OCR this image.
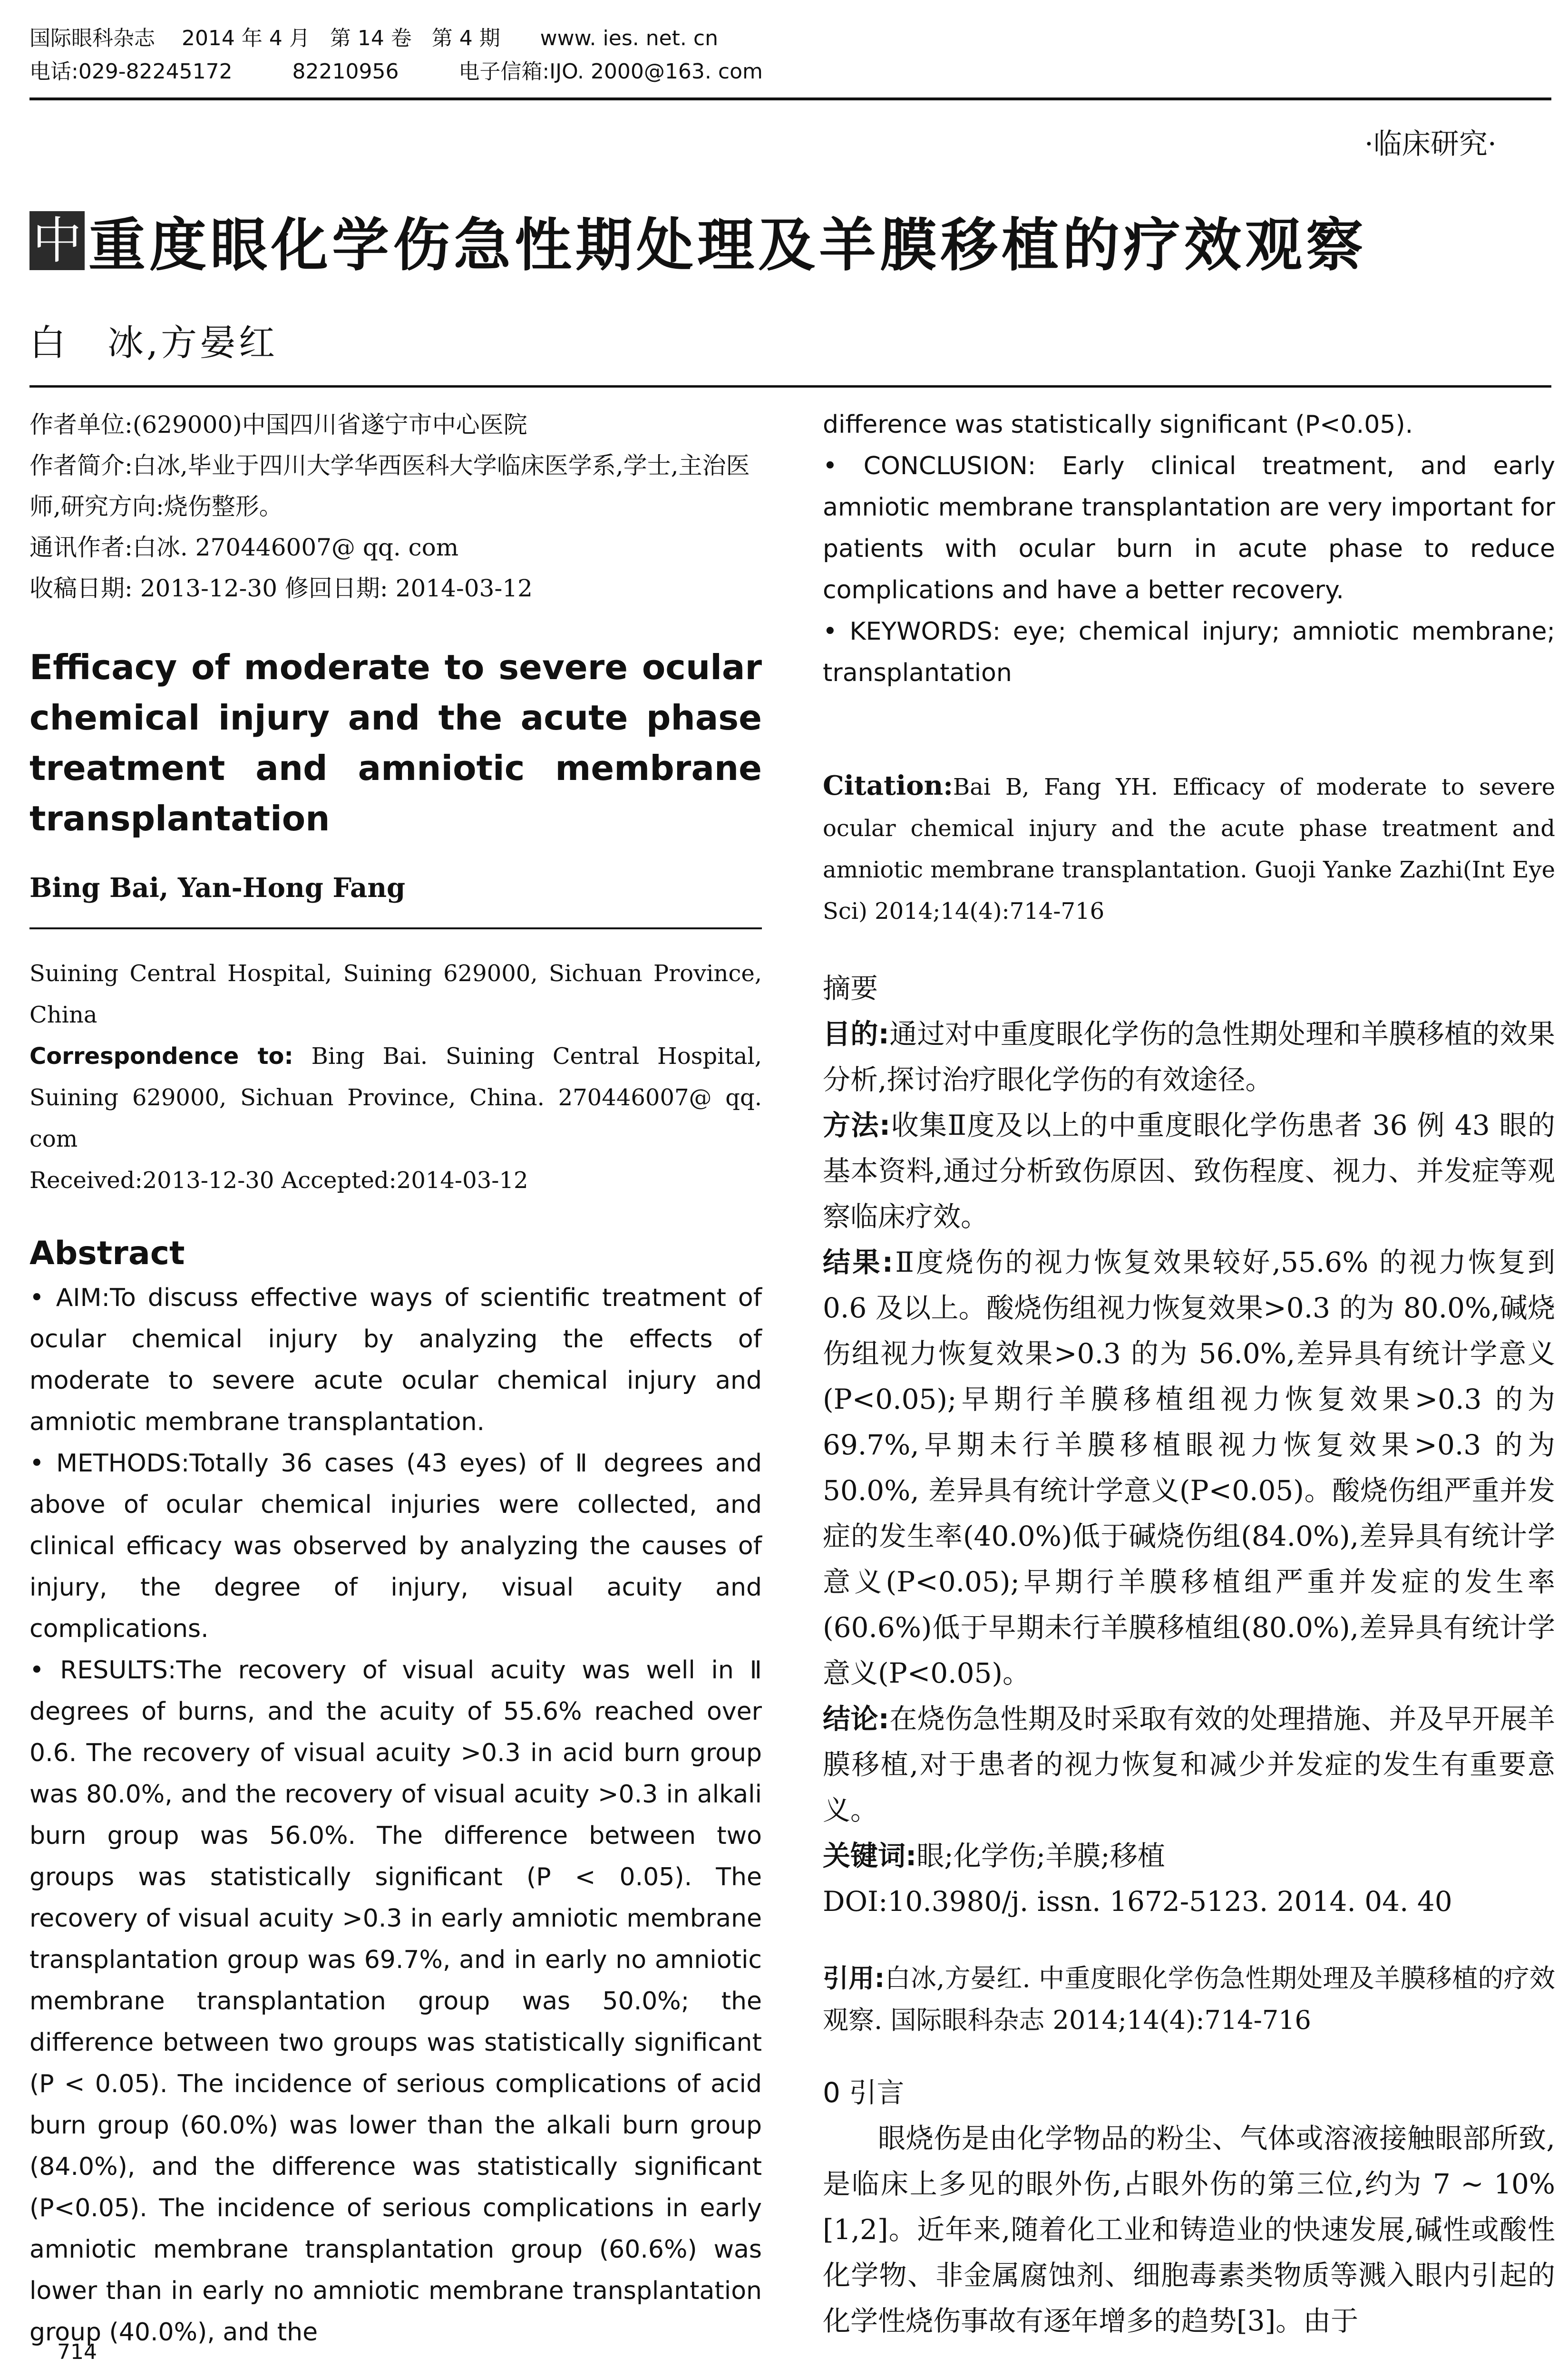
国际眼科杂志    2014 年 4 月   第 14 卷   第 4 期      www. ies. net. cn
电话:029-82245172         82210956         电子信箱:IJO. 2000@163. com
·临床研究·
中 重度眼化学伤急性期处理及羊膜移植的疗效观察
白　冰,方晏红
作者单位:(629000)中国四川省遂宁市中心医院
作者简介:白冰,毕业于四川大学华西医科大学临床医学系,学士,主治医师,研究方向:烧伤整形。
通讯作者:白冰. 270446007@ qq. com
收稿日期: 2013-12-30 修回日期: 2014-03-12
Efficacy of moderate to severe ocular chemical injury and the acute phase treatment and amniotic membrane transplantation
Bing Bai, Yan-Hong Fang
Suining Central Hospital, Suining 629000, Sichuan Province, China
Correspondence to: Bing Bai. Suining Central Hospital, Suining 629000, Sichuan Province, China. 270446007@ qq. com
Received:2013-12-30 Accepted:2014-03-12
Abstract
• AIM:To discuss effective ways of scientific treatment of ocular chemical injury by analyzing the effects of moderate to severe acute ocular chemical injury and amniotic membrane transplantation.
• METHODS:Totally 36 cases (43 eyes) of Ⅱ degrees and above of ocular chemical injuries were collected, and clinical efficacy was observed by analyzing the causes of injury, the degree of injury, visual acuity and complications.
• RESULTS:The recovery of visual acuity was well in Ⅱ degrees of burns, and the acuity of 55.6% reached over 0.6. The recovery of visual acuity >0.3 in acid burn group was 80.0%, and the recovery of visual acuity >0.3 in alkali burn group was 56.0%. The difference between two groups was statistically significant (P < 0.05). The recovery of visual acuity >0.3 in early amniotic membrane transplantation group was 69.7%, and in early no amniotic membrane transplantation group was 50.0%; the difference between two groups was statistically significant (P < 0.05). The incidence of serious complications of acid burn group (60.0%) was lower than the alkali burn group (84.0%), and the difference was statistically significant (P<0.05). The incidence of serious complications in early amniotic membrane transplantation group (60.6%) was lower than in early no amniotic membrane transplantation group (40.0%), and the
difference was statistically significant (P<0.05).
• CONCLUSION: Early clinical treatment, and early amniotic membrane transplantation are very important for patients with ocular burn in acute phase to reduce complications and have a better recovery.
• KEYWORDS: eye; chemical injury; amniotic membrane; transplantation
Citation:Bai B, Fang YH. Efficacy of moderate to severe ocular chemical injury and the acute phase treatment and amniotic membrane transplantation. Guoji Yanke Zazhi(Int Eye Sci) 2014;14(4):714-716
摘要
目的:通过对中重度眼化学伤的急性期处理和羊膜移植的效果分析,探讨治疗眼化学伤的有效途径。
方法:收集Ⅱ度及以上的中重度眼化学伤患者 36 例 43 眼的基本资料,通过分析致伤原因、致伤程度、视力、并发症等观察临床疗效。
结果:Ⅱ度烧伤的视力恢复效果较好,55.6% 的视力恢复到 0.6 及以上。酸烧伤组视力恢复效果>0.3 的为 80.0%,碱烧伤组视力恢复效果>0.3 的为 56.0%,差异具有统计学意义(P<0.05);早期行羊膜移植组视力恢复效果>0.3 的为 69.7%,早期未行羊膜移植眼视力恢复效果>0.3 的为 50.0%, 差异具有统计学意义(P<0.05)。酸烧伤组严重并发症的发生率(40.0%)低于碱烧伤组(84.0%),差异具有统计学意义(P<0.05);早期行羊膜移植组严重并发症的发生率(60.6%)低于早期未行羊膜移植组(80.0%),差异具有统计学意义(P<0.05)。
结论:在烧伤急性期及时采取有效的处理措施、并及早开展羊膜移植,对于患者的视力恢复和减少并发症的发生有重要意义。
关键词:眼;化学伤;羊膜;移植
DOI:10.3980/j. issn. 1672-5123. 2014. 04. 40
引用:白冰,方晏红. 中重度眼化学伤急性期处理及羊膜移植的疗效观察. 国际眼科杂志 2014;14(4):714-716
0 引言
眼烧伤是由化学物品的粉尘、气体或溶液接触眼部所致,是临床上多见的眼外伤,占眼外伤的第三位,约为 7 ~ 10%[1,2]。近年来,随着化工业和铸造业的快速发展,碱性或酸性化学物、非金属腐蚀剂、细胞毒素类物质等溅入眼内引起的化学性烧伤事故有逐年增多的趋势[3]。由于
714
